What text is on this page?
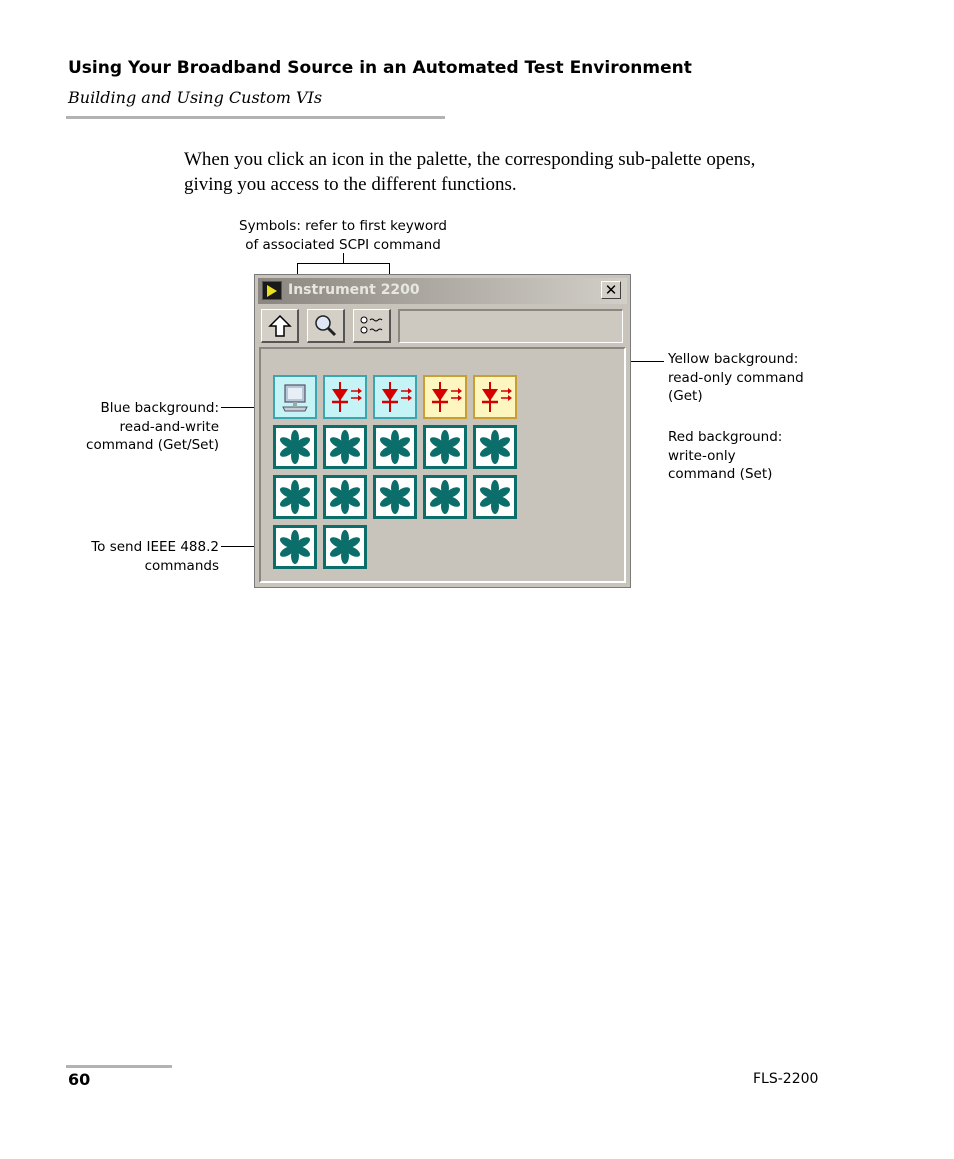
Using Your Broadband Source in an Automated Test Environment
Building and Using Custom VIs
When you click an icon in the palette, the corresponding sub-palette opens, giving you access to the different functions.
Symbols: refer to first keyword
of associated SCPI command
Blue background:
read-and-write
command (Get/Set)
Yellow background:
read-only command
(Get)
Red background:
write-only
command (Set)
To send IEEE 488.2
commands
Instrument 2200	✕
60	FLS-2200
